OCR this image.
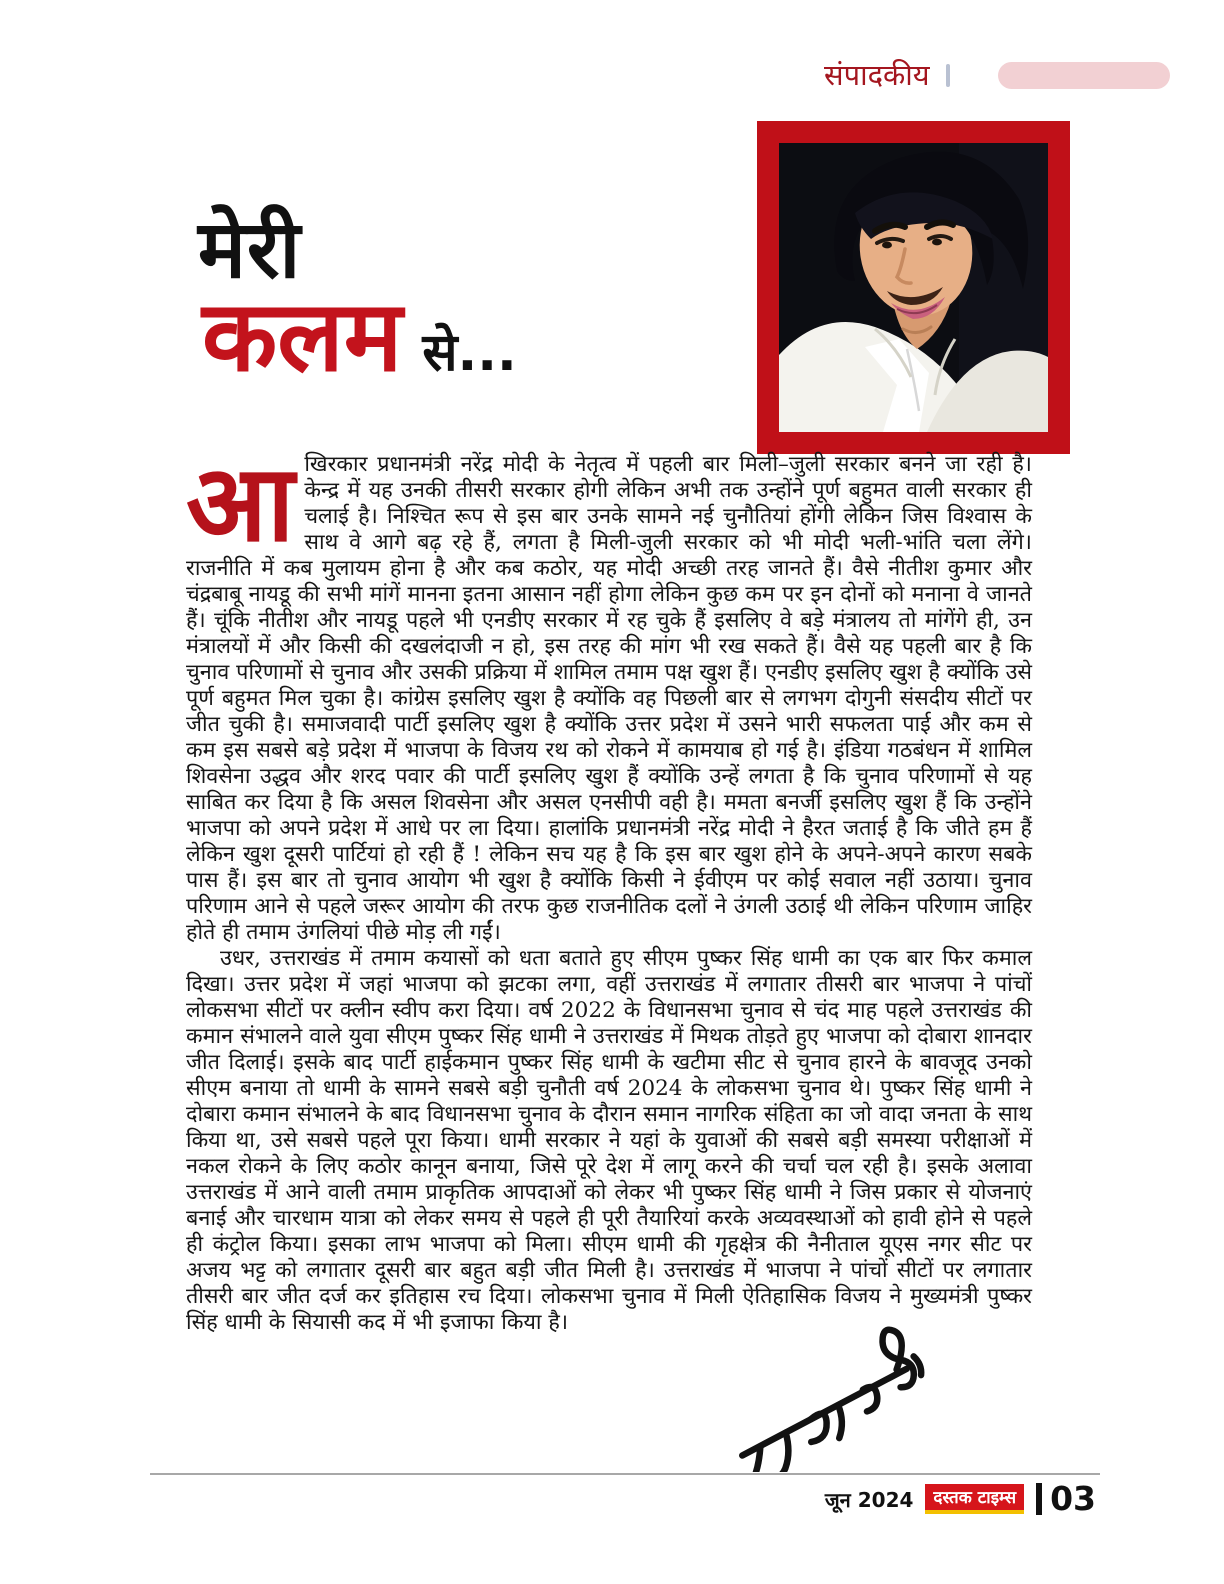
संपादकीय
मेरी
कलम से...
आ खिरकार प्रधानमंत्री नरेंद्र मोदी के नेतृत्व में पहली बार मिली–जुली सरकार बनने जा रही है। केन्द्र में यह उनकी तीसरी सरकार होगी लेकिन अभी तक उन्होंने पूर्ण बहुमत वाली सरकार ही चलाई है। निश्चित रूप से इस बार उनके सामने नई चुनौतियां होंगी लेकिन जिस विश्वास के साथ वे आगे बढ़ रहे हैं, लगता है मिली-जुली सरकार को भी मोदी भली-भांति चला लेंगे। राजनीति में कब मुलायम होना है और कब कठोर, यह मोदी अच्छी तरह जानते हैं। वैसे नीतीश कुमार और चंद्रबाबू नायडू की सभी मांगें मानना इतना आसान नहीं होगा लेकिन कुछ कम पर इन दोनों को मनाना वे जानते हैं। चूंकि नीतीश और नायडू पहले भी एनडीए सरकार में रह चुके हैं इसलिए वे बड़े मंत्रालय तो मांगेंगे ही, उन मंत्रालयों में और किसी की दखलंदाजी न हो, इस तरह की मांग भी रख सकते हैं। वैसे यह पहली बार है कि चुनाव परिणामों से चुनाव और उसकी प्रक्रिया में शामिल तमाम पक्ष खुश हैं। एनडीए इसलिए खुश है क्योंकि उसे पूर्ण बहुमत मिल चुका है। कांग्रेस इसलिए खुश है क्योंकि वह पिछली बार से लगभग दोगुनी संसदीय सीटों पर जीत चुकी है। समाजवादी पार्टी इसलिए खुश है क्योंकि उत्तर प्रदेश में उसने भारी सफलता पाई और कम से कम इस सबसे बड़े प्रदेश में भाजपा के विजय रथ को रोकने में कामयाब हो गई है। इंडिया गठबंधन में शामिल शिवसेना उद्धव और शरद पवार की पार्टी इसलिए खुश हैं क्योंकि उन्हें लगता है कि चुनाव परिणामों से यह साबित कर दिया है कि असल शिवसेना और असल एनसीपी वही है। ममता बनर्जी इसलिए खुश हैं कि उन्होंने भाजपा को अपने प्रदेश में आधे पर ला दिया। हालांकि प्रधानमंत्री नरेंद्र मोदी ने हैरत जताई है कि जीते हम हैं लेकिन खुश दूसरी पार्टियां हो रही हैं ! लेकिन सच यह है कि इस बार खुश होने के अपने-अपने कारण सबके पास हैं। इस बार तो चुनाव आयोग भी खुश है क्योंकि किसी ने ईवीएम पर कोई सवाल नहीं उठाया। चुनाव परिणाम आने से पहले जरूर आयोग की तरफ कुछ राजनीतिक दलों ने उंगली उठाई थी लेकिन परिणाम जाहिर होते ही तमाम उंगलियां पीछे मोड़ ली गईं।

उधर, उत्तराखंड में तमाम कयासों को धता बताते हुए सीएम पुष्कर सिंह धामी का एक बार फिर कमाल दिखा। उत्तर प्रदेश में जहां भाजपा को झटका लगा, वहीं उत्तराखंड में लगातार तीसरी बार भाजपा ने पांचों लोकसभा सीटों पर क्लीन स्वीप करा दिया। वर्ष 2022 के विधानसभा चुनाव से चंद माह पहले उत्तराखंड की कमान संभालने वाले युवा सीएम पुष्कर सिंह धामी ने उत्तराखंड में मिथक तोड़ते हुए भाजपा को दोबारा शानदार जीत दिलाई। इसके बाद पार्टी हाईकमान पुष्कर सिंह धामी के खटीमा सीट से चुनाव हारने के बावजूद उनको सीएम बनाया तो धामी के सामने सबसे बड़ी चुनौती वर्ष 2024 के लोकसभा चुनाव थे। पुष्कर सिंह धामी ने दोबारा कमान संभालने के बाद विधानसभा चुनाव के दौरान समान नागरिक संहिता का जो वादा जनता के साथ किया था, उसे सबसे पहले पूरा किया। धामी सरकार ने यहां के युवाओं की सबसे बड़ी समस्या परीक्षाओं में नकल रोकने के लिए कठोर कानून बनाया, जिसे पूरे देश में लागू करने की चर्चा चल रही है। इसके अलावा उत्तराखंड में आने वाली तमाम प्राकृतिक आपदाओं को लेकर भी पुष्कर सिंह धामी ने जिस प्रकार से योजनाएं बनाई और चारधाम यात्रा को लेकर समय से पहले ही पूरी तैयारियां करके अव्यवस्थाओं को हावी होने से पहले ही कंट्रोल किया। इसका लाभ भाजपा को मिला। सीएम धामी की गृहक्षेत्र की नैनीताल यूएस नगर सीट पर अजय भट्ट को लगातार दूसरी बार बहुत बड़ी जीत मिली है। उत्तराखंड में भाजपा ने पांचों सीटों पर लगातार तीसरी बार जीत दर्ज कर इतिहास रच दिया। लोकसभा चुनाव में मिली ऐतिहासिक विजय ने मुख्यमंत्री पुष्कर सिंह धामी के सियासी कद में भी इजाफा किया है।

जून 2024	दस्तक टाइम्स 03
